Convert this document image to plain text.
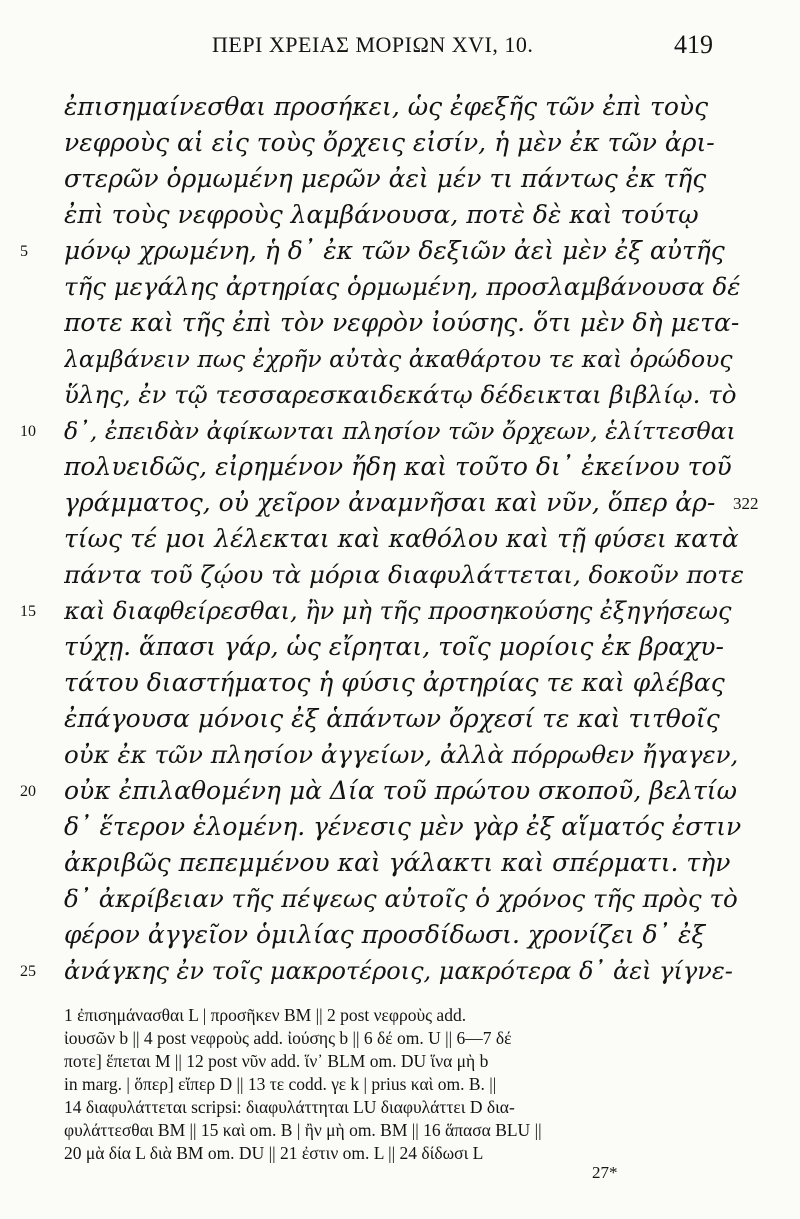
ΠΕΡΙ ΧΡΕΙΑΣ ΜΟΡΙΩΝ XVI, 10.	419
ἐπισημαίνεσθαι προσήκει, ὡς ἐφεξῆς τῶν ἐπὶ τοὺς
νεφροὺς αἱ εἰς τοὺς ὄρχεις εἰσίν, ἡ μὲν ἐκ τῶν ἀρι-
στερῶν ὁρμωμένη μερῶν ἀεὶ μέν τι πάντως ἐκ τῆς
ἐπὶ τοὺς νεφροὺς λαμβάνουσα, ποτὲ δὲ καὶ τούτῳ
μόνῳ χρωμένη, ἡ δ᾽ ἐκ τῶν δεξιῶν ἀεὶ μὲν ἐξ αὐτῆς
τῆς μεγάλης ἀρτηρίας ὁρμωμένη, προσλαμβάνουσα δέ
ποτε καὶ τῆς ἐπὶ τὸν νεφρὸν ἰούσης. ὅτι μὲν δὴ μετα-
λαμβάνειν πως ἐχρῆν αὐτὰς ἀκαθάρτου τε καὶ ὀρώδους
ὕλης, ἐν τῷ τεσσαρεσκαιδεκάτῳ δέδεικται βιβλίῳ. τὸ
δ᾽, ἐπειδὰν ἀφίκωνται πλησίον τῶν ὄρχεων, ἑλίττεσθαι
πολυειδῶς, εἰρημένον ἤδη καὶ τοῦτο δι᾽ ἐκείνου τοῦ
γράμματος, οὐ χεῖρον ἀναμνῆσαι καὶ νῦν, ὅπερ ἀρ-
τίως τέ μοι λέλεκται καὶ καθόλου καὶ τῇ φύσει κατὰ
πάντα τοῦ ζῴου τὰ μόρια διαφυλάττεται, δοκοῦν ποτε
καὶ διαφθείρεσθαι, ἢν μὴ τῆς προσηκούσης ἐξηγήσεως
τύχῃ. ἅπασι γάρ, ὡς εἴρηται, τοῖς μορίοις ἐκ βραχυ-
τάτου διαστήματος ἡ φύσις ἀρτηρίας τε καὶ φλέβας
ἐπάγουσα μόνοις ἐξ ἁπάντων ὄρχεσί τε καὶ τιτθοῖς
οὐκ ἐκ τῶν πλησίον ἀγγείων, ἀλλὰ πόρρωθεν ἤγαγεν,
οὐκ ἐπιλαθομένη μὰ Δία τοῦ πρώτου σκοποῦ, βελτίω
δ᾽ ἕτερον ἑλομένη. γένεσις μὲν γὰρ ἐξ αἵματός ἐστιν
ἀκριβῶς πεπεμμένου καὶ γάλακτι καὶ σπέρματι. τὴν
δ᾽ ἀκρίβειαν τῆς πέψεως αὐτοῖς ὁ χρόνος τῆς πρὸς τὸ
φέρον ἀγγεῖον ὁμιλίας προσδίδωσι. χρονίζει δ᾽ ἐξ
ἀνάγκης ἐν τοῖς μακροτέροις, μακρότερα δ᾽ ἀεὶ γίγνε-
5
10
15
20
25
322
1 ἐπισημάνασθαι L | προσῆκεν BM || 2 post νεφροὺς add.
ἰουσῶν b || 4 post νεφροὺς add. ἰούσης b || 6 δέ om. U || 6—7 δέ
ποτε] ἕπεται M || 12 post νῦν add. ἵν᾽ BLM om. DU ἵνα μὴ b
in marg. | ὅπερ] εἴπερ D || 13 τε codd. γε k | prius καὶ om. B. ||
14 διαφυλάττεται scripsi: διαφυλάττηται LU διαφυλάττει D δια-
φυλάττεσθαι BM || 15 καὶ om. B | ἢν μὴ om. BM || 16 ἅπασα BLU ||
20 μὰ δία L διὰ BM om. DU || 21 ἐστιν om. L || 24 δίδωσι L
27*
